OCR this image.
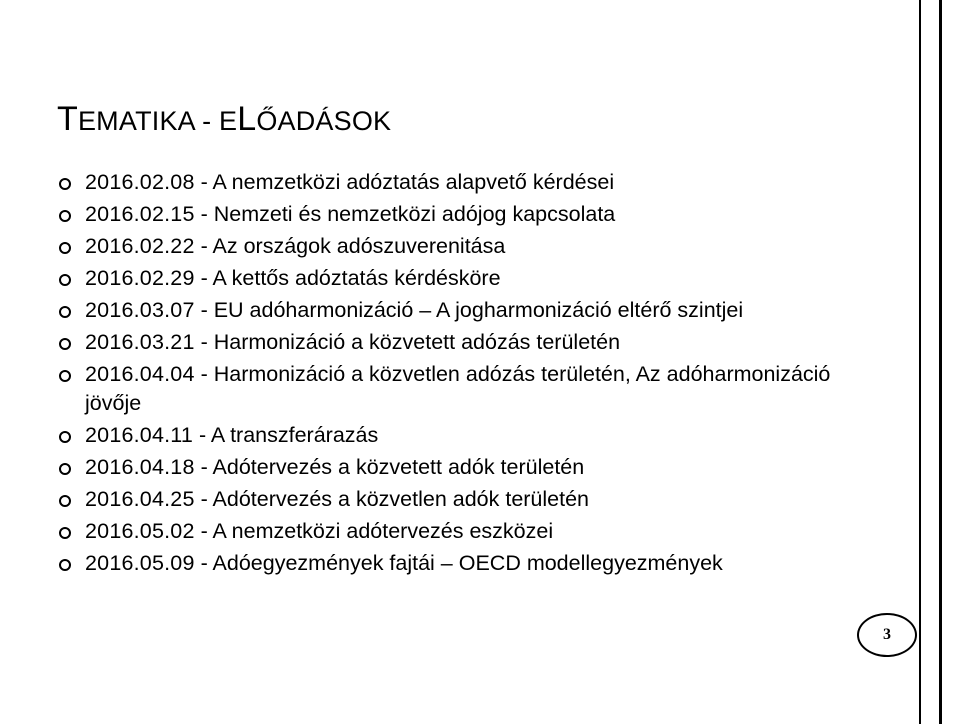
TEMATIKA - ELŐADÁSOK
2016.02.08 - A nemzetközi adóztatás alapvető kérdései
2016.02.15 - Nemzeti és nemzetközi adójog kapcsolata
2016.02.22 - Az országok adószuverenitása
2016.02.29 - A kettős adóztatás kérdésköre
2016.03.07 - EU adóharmonizáció – A jogharmonizáció eltérő szintjei
2016.03.21 - Harmonizáció a közvetett adózás területén
2016.04.04 - Harmonizáció a közvetlen adózás területén, Az adóharmonizáció jövője
2016.04.11 - A transzferárazás
2016.04.18 - Adótervezés a közvetett adók területén
2016.04.25 - Adótervezés a közvetlen adók területén
2016.05.02 - A nemzetközi adótervezés eszközei
2016.05.09 - Adóegyezmények fajtái – OECD modellegyezmények
3
